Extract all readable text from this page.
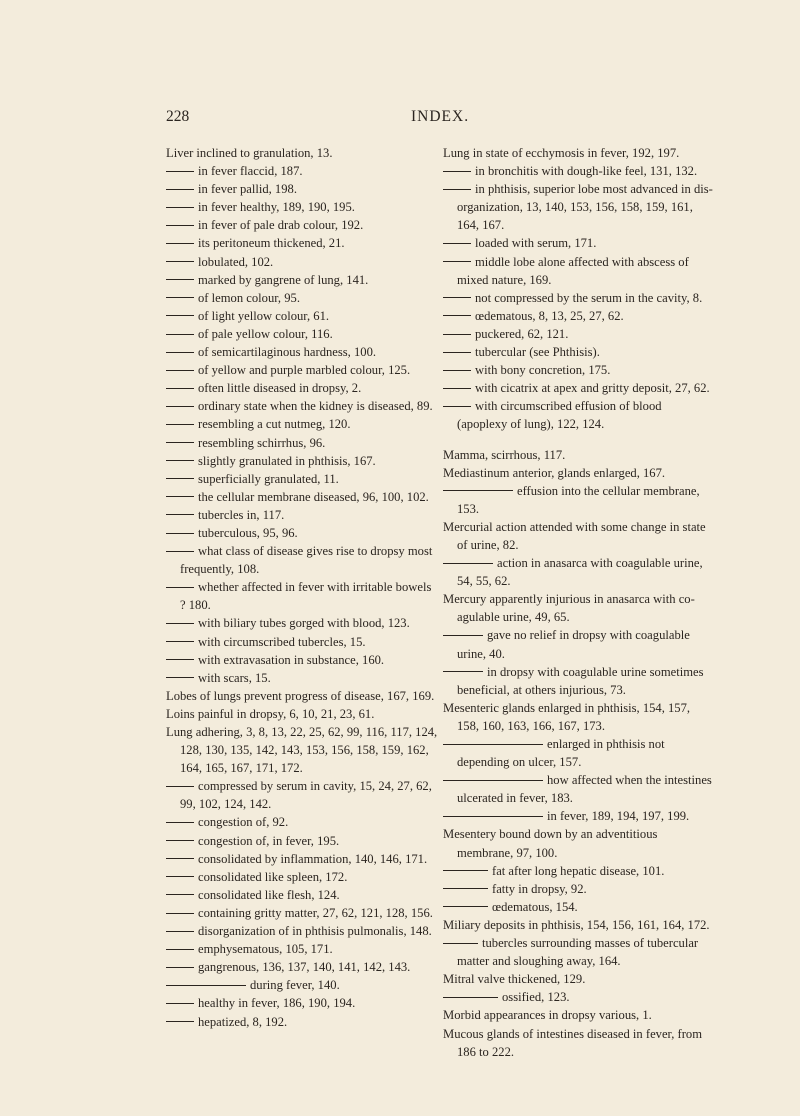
228	INDEX.
Liver inclined to granulation, 13.
in fever flaccid, 187.
in fever pallid, 198.
in fever healthy, 189, 190, 195.
in fever of pale drab colour, 192.
its peritoneum thickened, 21.
lobulated, 102.
marked by gangrene of lung, 141.
of lemon colour, 95.
of light yellow colour, 61.
of pale yellow colour, 116.
of semicartilaginous hardness, 100.
of yellow and purple marbled colour, 125.
often little diseased in dropsy, 2.
ordinary state when the kidney is diseased, 89.
resembling a cut nutmeg, 120.
resembling schirrhus, 96.
slightly granulated in phthisis, 167.
superficially granulated, 11.
the cellular membrane diseased, 96, 100, 102.
tubercles in, 117.
tuberculous, 95, 96.
what class of disease gives rise to dropsy most frequently, 108.
whether affected in fever with irritable bowels ? 180.
with biliary tubes gorged with blood, 123.
with circumscribed tubercles, 15.
with extravasation in substance, 160.
with scars, 15.
Lobes of lungs prevent progress of disease, 167, 169.
Loins painful in dropsy, 6, 10, 21, 23, 61.
Lung adhering, 3, 8, 13, 22, 25, 62, 99, 116, 117, 124, 128, 130, 135, 142, 143, 153, 156, 158, 159, 162, 164, 165, 167, 171, 172.
compressed by serum in cavity, 15, 24, 27, 62, 99, 102, 124, 142.
congestion of, 92.
congestion of, in fever, 195.
consolidated by inflammation, 140, 146, 171.
consolidated like spleen, 172.
consolidated like flesh, 124.
containing gritty matter, 27, 62, 121, 128, 156.
disorganization of in phthisis pulmonalis, 148.
emphysematous, 105, 171.
gangrenous, 136, 137, 140, 141, 142, 143.
during fever, 140.
healthy in fever, 186, 190, 194.
hepatized, 8, 192.
Lung in state of ecchymosis in fever, 192, 197.
in bronchitis with dough-like feel, 131, 132.
in phthisis, superior lobe most advanced in dis-organization, 13, 140, 153, 156, 158, 159, 161, 164, 167.
loaded with serum, 171.
middle lobe alone affected with abscess of mixed nature, 169.
not compressed by the serum in the cavity, 8.
œdematous, 8, 13, 25, 27, 62.
puckered, 62, 121.
tubercular (see Phthisis).
with bony concretion, 175.
with cicatrix at apex and gritty deposit, 27, 62.
with circumscribed effusion of blood (apoplexy of lung), 122, 124.
Mamma, scirrhous, 117.
Mediastinum anterior, glands enlarged, 167.
effusion into the cellular membrane, 153.
Mercurial action attended with some change in state of urine, 82.
action in anasarca with coagulable urine, 54, 55, 62.
Mercury apparently injurious in anasarca with co-agulable urine, 49, 65.
gave no relief in dropsy with coagulable urine, 40.
in dropsy with coagulable urine sometimes beneficial, at others injurious, 73.
Mesenteric glands enlarged in phthisis, 154, 157, 158, 160, 163, 166, 167, 173.
enlarged in phthisis not depending on ulcer, 157.
how affected when the intestines ulcerated in fever, 183.
in fever, 189, 194, 197, 199.
Mesentery bound down by an adventitious membrane, 97, 100.
fat after long hepatic disease, 101.
fatty in dropsy, 92.
œdematous, 154.
Miliary deposits in phthisis, 154, 156, 161, 164, 172.
tubercles surrounding masses of tubercular matter and sloughing away, 164.
Mitral valve thickened, 129.
ossified, 123.
Morbid appearances in dropsy various, 1.
Mucous glands of intestines diseased in fever, from 186 to 222.
